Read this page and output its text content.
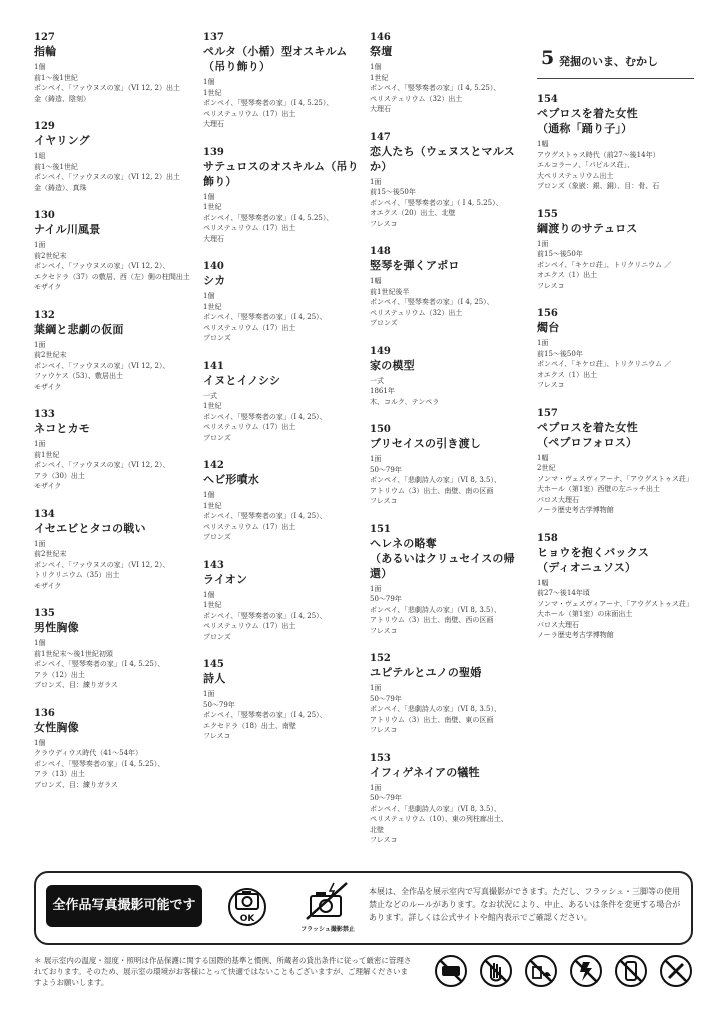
127
指輪
1個
前1〜後1世紀
ポンペイ、「ファウヌスの家」（VI 12, 2）出土
金（鋳造、陰刻）
129
イヤリング
1組
前1〜後1世紀
ポンペイ、「ファウヌスの家」（VI 12, 2）出土
金（鋳造）、真珠
130
ナイル川風景
1面
前2世紀末
ポンペイ、「ファウヌスの家」（VI 12, 2）、
エクセドラ（37）の敷居、西（左）側の柱間出土
モザイク
132
葉綱と悲劇の仮面
1面
前2世紀末
ポンペイ、「ファウヌスの家」（VI 12, 2）、
ファウケス（53）、敷居出土
モザイク
133
ネコとカモ
1面
前1世紀
ポンペイ、「ファウヌスの家」（VI 12, 2）、
アラ（30）出土
モザイク
134
イセエビとタコの戦い
1面
前2世紀末
ポンペイ、「ファウヌスの家」（VI 12, 2）、
トリクリニウム（35）出土
モザイク
135
男性胸像
1個
前1世紀末〜後1世紀初頭
ポンペイ、「竪琴奏者の家」（I 4, 5.25）、
アラ（12）出土
ブロンズ、目：練りガラス
136
女性胸像
1個
クラウディウス時代（41〜54年）
ポンペイ、「竪琴奏者の家」（I 4, 5.25）、
アラ（13）出土
ブロンズ、目：練りガラス
137
ペルタ（小楯）型オスキルム
（吊り飾り）
1個
1世紀
ポンペイ、「竪琴奏者の家」（I 4, 5.25）、
ペリステュリウム（17）出土
大理石
139
サテュロスのオスキルム（吊り飾り）
1個
1世紀
ポンペイ、「竪琴奏者の家」（I 4, 5.25）、
ペリステュリウム（17）出土
大理石
140
シカ
1個
1世紀
ポンペイ、「竪琴奏者の家」（I 4, 25）、
ペリステュリウム（17）出土
ブロンズ
141
イヌとイノシシ
一式
1世紀
ポンペイ、「竪琴奏者の家」（I 4, 25）、
ペリステュリウム（17）出土
ブロンズ
142
ヘビ形噴水
1個
1世紀
ポンペイ、「竪琴奏者の家」（I 4, 25）、
ペリステュリウム（17）出土
ブロンズ
143
ライオン
1個
1世紀
ポンペイ、「竪琴奏者の家」（I 4, 25）、
ペリステュリウム（17）出土
ブロンズ
145
詩人
1面
50〜79年
ポンペイ、「竪琴奏者の家」（I 4, 25）、
エクセドラ（18）出土、南壁
フレスコ
146
祭壇
1個
1世紀
ポンペイ、「竪琴奏者の家」（I 4, 5.25）、
ペリステュリウム（32）出土
大理石
147
恋人たち（ウェヌスとマルスか）
1面
前15〜後50年
ポンペイ、「竪琴奏者の家」（ I 4, 5.25）、
オエクス（20）出土、北壁
フレスコ
148
竪琴を弾くアポロ
1幅
前1世紀後半
ポンペイ、「竪琴奏者の家」（I 4, 25）、
ペリステュリウム（32）出土
ブロンズ
149
家の模型
一式
1861年
木、コルク、テンペラ
150
ブリセイスの引き渡し
1面
50〜79年
ポンペイ、「悲劇詩人の家」（VI 8, 3.5）、
アトリウム（3）出土、南壁、南の区画
フレスコ
151
ヘレネの略奪
（あるいはクリュセイスの帰還）
1面
50〜79年
ポンペイ、「悲劇詩人の家」（VI 8, 3.5）、
アトリウム（3）出土、南壁、西の区画
フレスコ
152
ユピテルとユノの聖婚
1面
50〜79年
ポンペイ、「悲劇詩人の家」（VI 8, 3.5）、
アトリウム（3）出土、南壁、東の区画
フレスコ
153
イフィゲネイアの犠牲
1面
50〜79年
ポンペイ、「悲劇詩人の家」（VI 8, 3.5）、
ペリステュリウム（10）、東の列柱廊出土、
北壁
フレスコ
154
ペプロスを着た女性
（通称「踊り子」）
1幅
アウグストゥス時代（前27〜後14年）
エルコラーノ、「パピルス荘」、
大ペリステュリウム出土
ブロンズ（象嵌：銀、銅）、目：骨、石
155
綱渡りのサテュロス
1面
前15〜後50年
ポンペイ、「キケロ荘」、トリクリニウム ／
オエクス（1）出土
フレスコ
156
燭台
1面
前15〜後50年
ポンペイ、「キケロ荘」、トリクリニウム ／
オエクス（1）出土
フレスコ
157
ペプロスを着た女性
（ペプロフォロス）
1幅
2世紀
ソンマ・ヴェスヴィアーナ、「アウグストゥス荘」
大ホール（第1室）西壁の左ニッチ出土
パロス大理石
ノーラ歴史考古学博物館
158
ヒョウを抱くバックス
（ディオニュソス）
1幅
前27〜後14年頃
ソンマ・ヴェスヴィアーナ、「アウグストゥス荘」
大ホール（第1室）の床面出土
パロス大理石
ノーラ歴史考古学博物館
5 発掘のいま、むかし
全作品写真撮影可能です
OK
フラッシュ撮影禁止
本展は、全作品を展示室内で写真撮影ができます。ただし、フラッシュ・三脚等の使用禁止などのルールがあります。なお状況により、中止、あるいは条件を変更する場合があります。詳しくは公式サイトや館内表示でご確認ください。
＊ 展示室内の温度・湿度・照明は作品保護に関する国際的基準と慣例、所蔵者の貸出条件に従って厳密に管理されております。そのため、展示室の環境がお客様にとって快適ではないこともございますが、ご理解くださいますようお願いします。
